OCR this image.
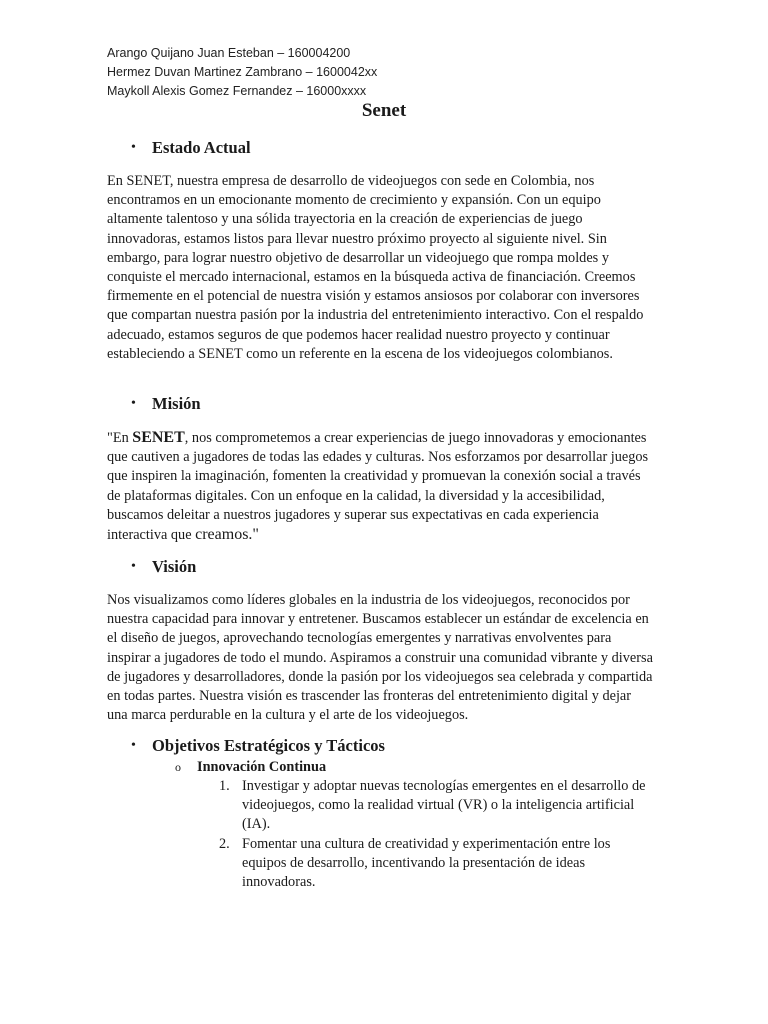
Arango Quijano Juan Esteban – 160004200
Hermez Duvan Martinez Zambrano – 1600042xx
Maykoll Alexis Gomez Fernandez – 16000xxxx
Senet
• Estado Actual
En SENET, nuestra empresa de desarrollo de videojuegos con sede en Colombia, nos encontramos en un emocionante momento de crecimiento y expansión. Con un equipo altamente talentoso y una sólida trayectoria en la creación de experiencias de juego innovadoras, estamos listos para llevar nuestro próximo proyecto al siguiente nivel. Sin embargo, para lograr nuestro objetivo de desarrollar un videojuego que rompa moldes y conquiste el mercado internacional, estamos en la búsqueda activa de financiación. Creemos firmemente en el potencial de nuestra visión y estamos ansiosos por colaborar con inversores que compartan nuestra pasión por la industria del entretenimiento interactivo. Con el respaldo adecuado, estamos seguros de que podemos hacer realidad nuestro proyecto y continuar estableciendo a SENET como un referente en la escena de los videojuegos colombianos.
• Misión
"En SENET, nos comprometemos a crear experiencias de juego innovadoras y emocionantes que cautiven a jugadores de todas las edades y culturas. Nos esforzamos por desarrollar juegos que inspiren la imaginación, fomenten la creatividad y promuevan la conexión social a través de plataformas digitales. Con un enfoque en la calidad, la diversidad y la accesibilidad, buscamos deleitar a nuestros jugadores y superar sus expectativas en cada experiencia interactiva que creamos."
• Visión
Nos visualizamos como líderes globales en la industria de los videojuegos, reconocidos por nuestra capacidad para innovar y entretener. Buscamos establecer un estándar de excelencia en el diseño de juegos, aprovechando tecnologías emergentes y narrativas envolventes para inspirar a jugadores de todo el mundo. Aspiramos a construir una comunidad vibrante y diversa de jugadores y desarrolladores, donde la pasión por los videojuegos sea celebrada y compartida en todas partes. Nuestra visión es trascender las fronteras del entretenimiento digital y dejar una marca perdurable en la cultura y el arte de los videojuegos.
• Objetivos Estratégicos y Tácticos
o Innovación Continua
1. Investigar y adoptar nuevas tecnologías emergentes en el desarrollo de videojuegos, como la realidad virtual (VR) o la inteligencia artificial (IA).
2. Fomentar una cultura de creatividad y experimentación entre los equipos de desarrollo, incentivando la presentación de ideas innovadoras.
